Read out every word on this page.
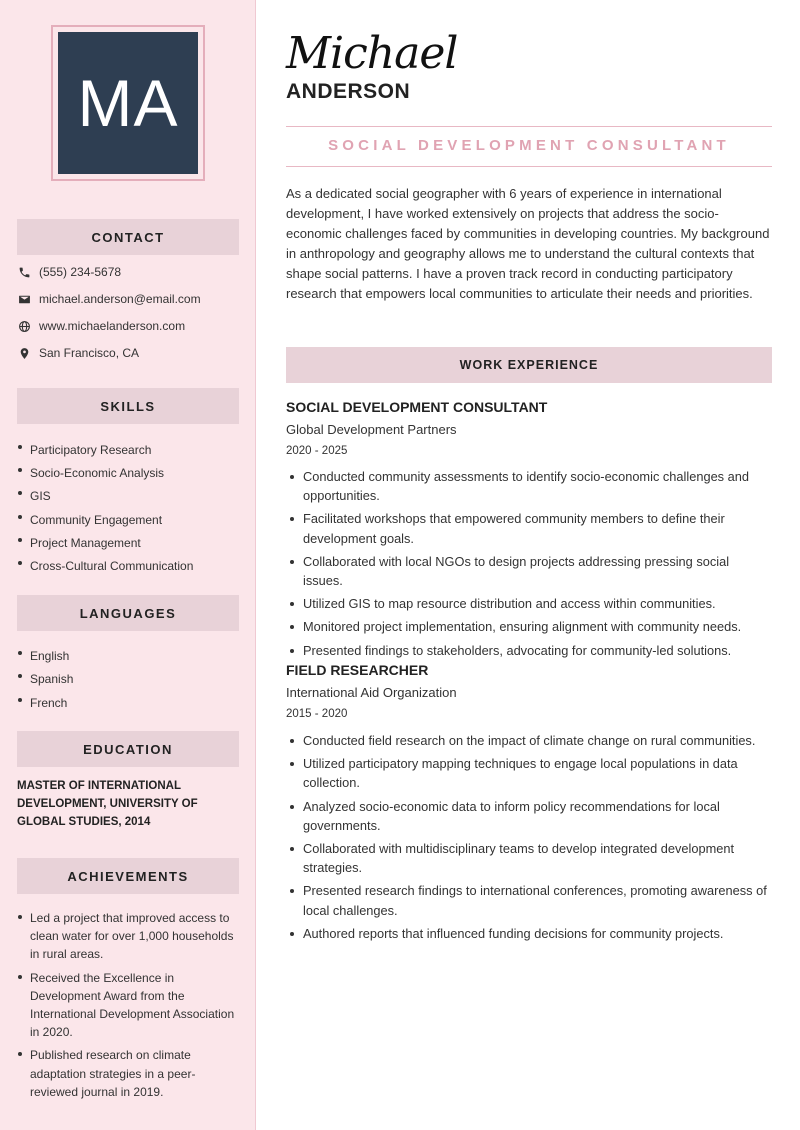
MA
CONTACT
(555) 234-5678
michael.anderson@email.com
www.michaelanderson.com
San Francisco, CA
SKILLS
Participatory Research
Socio-Economic Analysis
GIS
Community Engagement
Project Management
Cross-Cultural Communication
LANGUAGES
English
Spanish
French
EDUCATION
MASTER OF INTERNATIONAL DEVELOPMENT, UNIVERSITY OF GLOBAL STUDIES, 2014
ACHIEVEMENTS
Led a project that improved access to clean water for over 1,000 households in rural areas.
Received the Excellence in Development Award from the International Development Association in 2020.
Published research on climate adaptation strategies in a peer-reviewed journal in 2019.
Michael
ANDERSON
SOCIAL DEVELOPMENT CONSULTANT
As a dedicated social geographer with 6 years of experience in international development, I have worked extensively on projects that address the socio-economic challenges faced by communities in developing countries. My background in anthropology and geography allows me to understand the cultural contexts that shape social patterns. I have a proven track record in conducting participatory research that empowers local communities to articulate their needs and priorities.
WORK EXPERIENCE
SOCIAL DEVELOPMENT CONSULTANT
Global Development Partners
2020 - 2025
Conducted community assessments to identify socio-economic challenges and opportunities.
Facilitated workshops that empowered community members to define their development goals.
Collaborated with local NGOs to design projects addressing pressing social issues.
Utilized GIS to map resource distribution and access within communities.
Monitored project implementation, ensuring alignment with community needs.
Presented findings to stakeholders, advocating for community-led solutions.
FIELD RESEARCHER
International Aid Organization
2015 - 2020
Conducted field research on the impact of climate change on rural communities.
Utilized participatory mapping techniques to engage local populations in data collection.
Analyzed socio-economic data to inform policy recommendations for local governments.
Collaborated with multidisciplinary teams to develop integrated development strategies.
Presented research findings to international conferences, promoting awareness of local challenges.
Authored reports that influenced funding decisions for community projects.
